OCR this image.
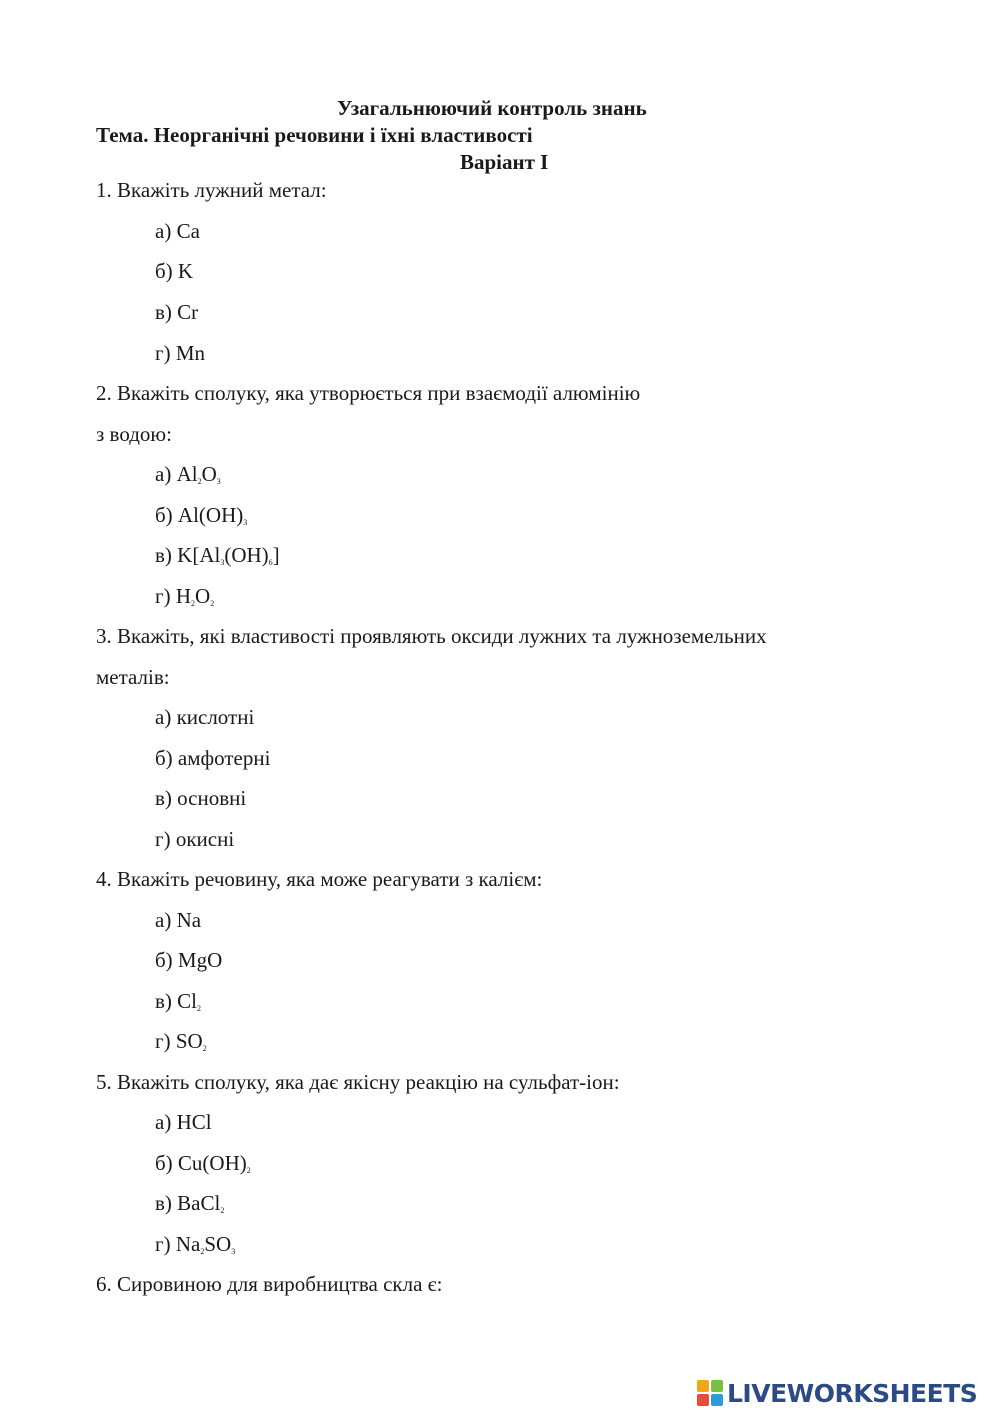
Узагальнюючий контроль знань
Тема. Неорганічні речовини і їхні властивості
Варіант I
1. Вкажіть лужний метал:
а) Ca
б) K
в) Cr
г) Mn
2. Вкажіть сполуку, яка утворюється при взаємодії алюмінію
з водою:
а) $Al_2O_3$
б) $Al(OH)_3$
в) $K[Al_3(OH)_6]$
г) $H_2O_2$
3. Вкажіть, які властивості проявляють оксиди лужних та лужноземельних
металів:
а) кислотні
б) амфотерні
в) основні
г) окисні
4. Вкажіть речовину, яка може реагувати з калієм:
а) Na
б) MgO
в) $Cl_2$
г) $SO_2$
5. Вкажіть сполуку, яка дає якісну реакцію на сульфат-іон:
а) HCl
б) $Cu(OH)_2$
в) BaCl$_2$
г) $Na_2SO_3$
6. Сировиною для виробництва скла є:
LIVEWORKSHEETS
